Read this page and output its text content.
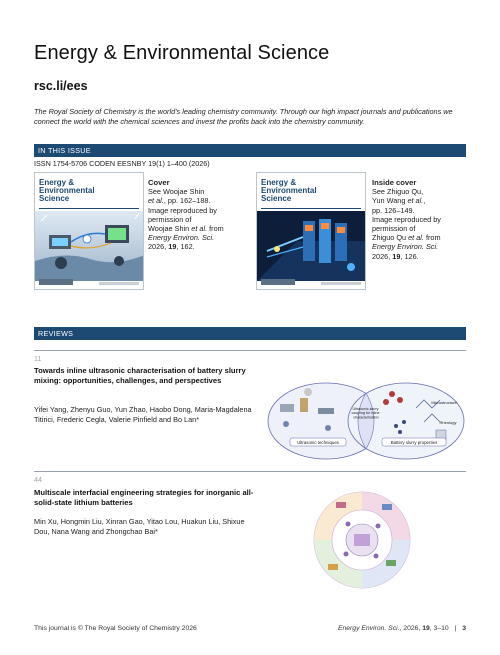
Energy & Environmental Science
rsc.li/ees
The Royal Society of Chemistry is the world's leading chemistry community. Through our high impact journals and publications we connect the world with the chemical sciences and invest the profits back into the chemistry community.
IN THIS ISSUE
ISSN 1754-5706 CODEN EESNBY 19(1) 1–400 (2026)
Energy & Environmental Science
Cover
See Woojae Shin
et al., pp. 162–188.
Image reproduced by permission of
Woojae Shin et al. from
Energy Environ. Sci.
2026, 19, 162.
Energy & Environmental Science
Inside cover
See Zhiguo Qu,
Yun Wang et al.,
pp. 126–149.
Image reproduced by permission of
Zhiguo Qu et al. from
Energy Environ. Sci.
2026, 19, 126.
REVIEWS
11
Towards inline ultrasonic characterisation of battery slurry mixing: opportunities, challenges, and perspectives
Yifei Yang, Zhenyu Guo, Yun Zhao, Haobo Dong, Maria-Magdalena Titirici, Frederic Cegla, Valerie Pinfield and Bo Lan*
Ultrasonic-slurry coupling for inline characterisation
Microstructure
Rheology
Ultrasonic techniques	Battery slurry properties
44
Multiscale interfacial engineering strategies for inorganic all-solid-state lithium batteries
Min Xu, Hongmin Liu, Xinran Gao, Yitao Lou, Huakun Liu, Shixue Dou, Nana Wang and Zhongchao Bai*
This journal is © The Royal Society of Chemistry 2026	Energy Environ. Sci., 2026, 19, 3–10 | 3
